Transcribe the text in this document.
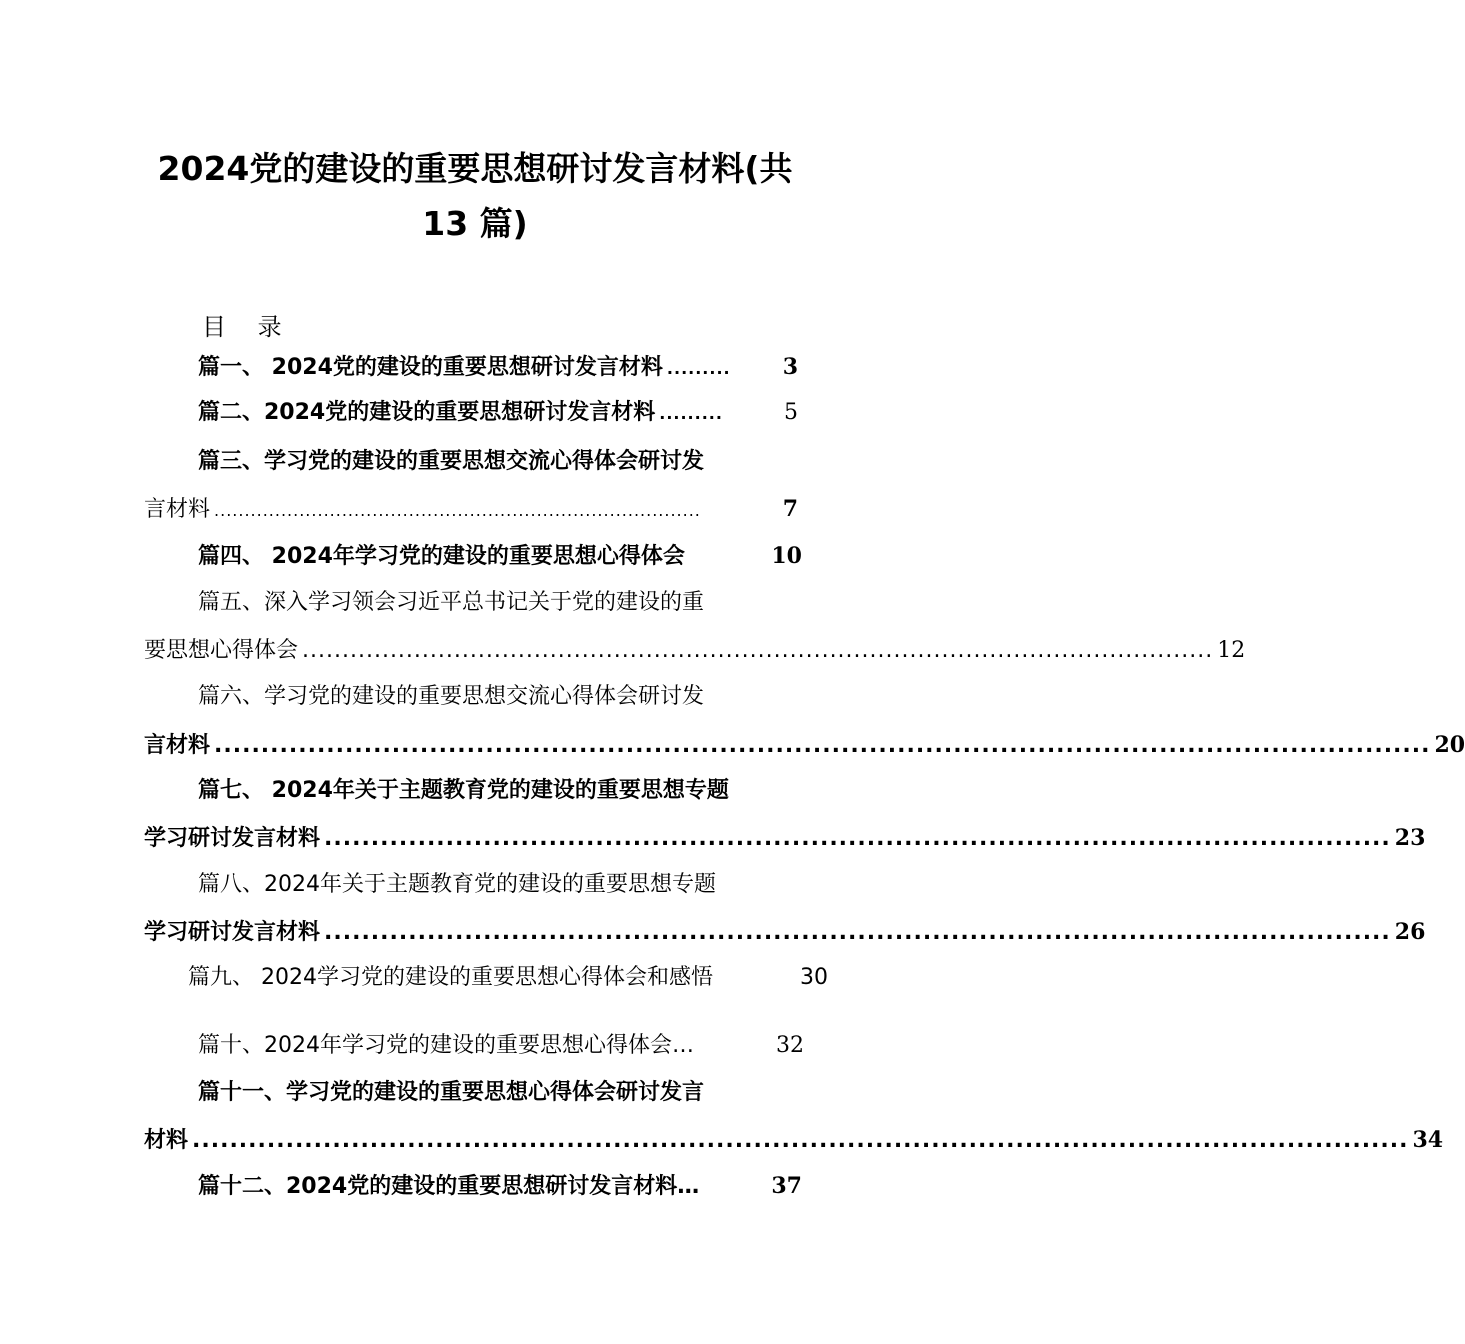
2024党的建设的重要思想研讨发言材料(共
13 篇)
目 录
篇一、 2024党的建设的重要思想研讨发言材料 .........	3
篇二、2024党的建设的重要思想研讨发言材料 .........	5
篇三、学习党的建设的重要思想交流心得体会研讨发
言材料 ................................................................................	7
篇四、 2024年学习党的建设的重要思想心得体会	10
篇五、深入学习领会习近平总书记关于党的建设的重
要思想心得体会 .................................................................................................................. 12
篇六、学习党的建设的重要思想交流心得体会研讨发
言材料 .................................................................................................................................. 20
篇七、 2024年关于主题教育党的建设的重要思想专题
学习研讨发言材料 .................................................................................................................. 23
篇八、2024年关于主题教育党的建设的重要思想专题
学习研讨发言材料 .................................................................................................................. 26
篇九、 2024学习党的建设的重要思想心得体会和感悟	30
篇十、2024年学习党的建设的重要思想心得体会…	32
篇十一、学习党的建设的重要思想心得体会研讨发言
材料 .................................................................................................................................. 34
篇十二、2024党的建设的重要思想研讨发言材料…	37
